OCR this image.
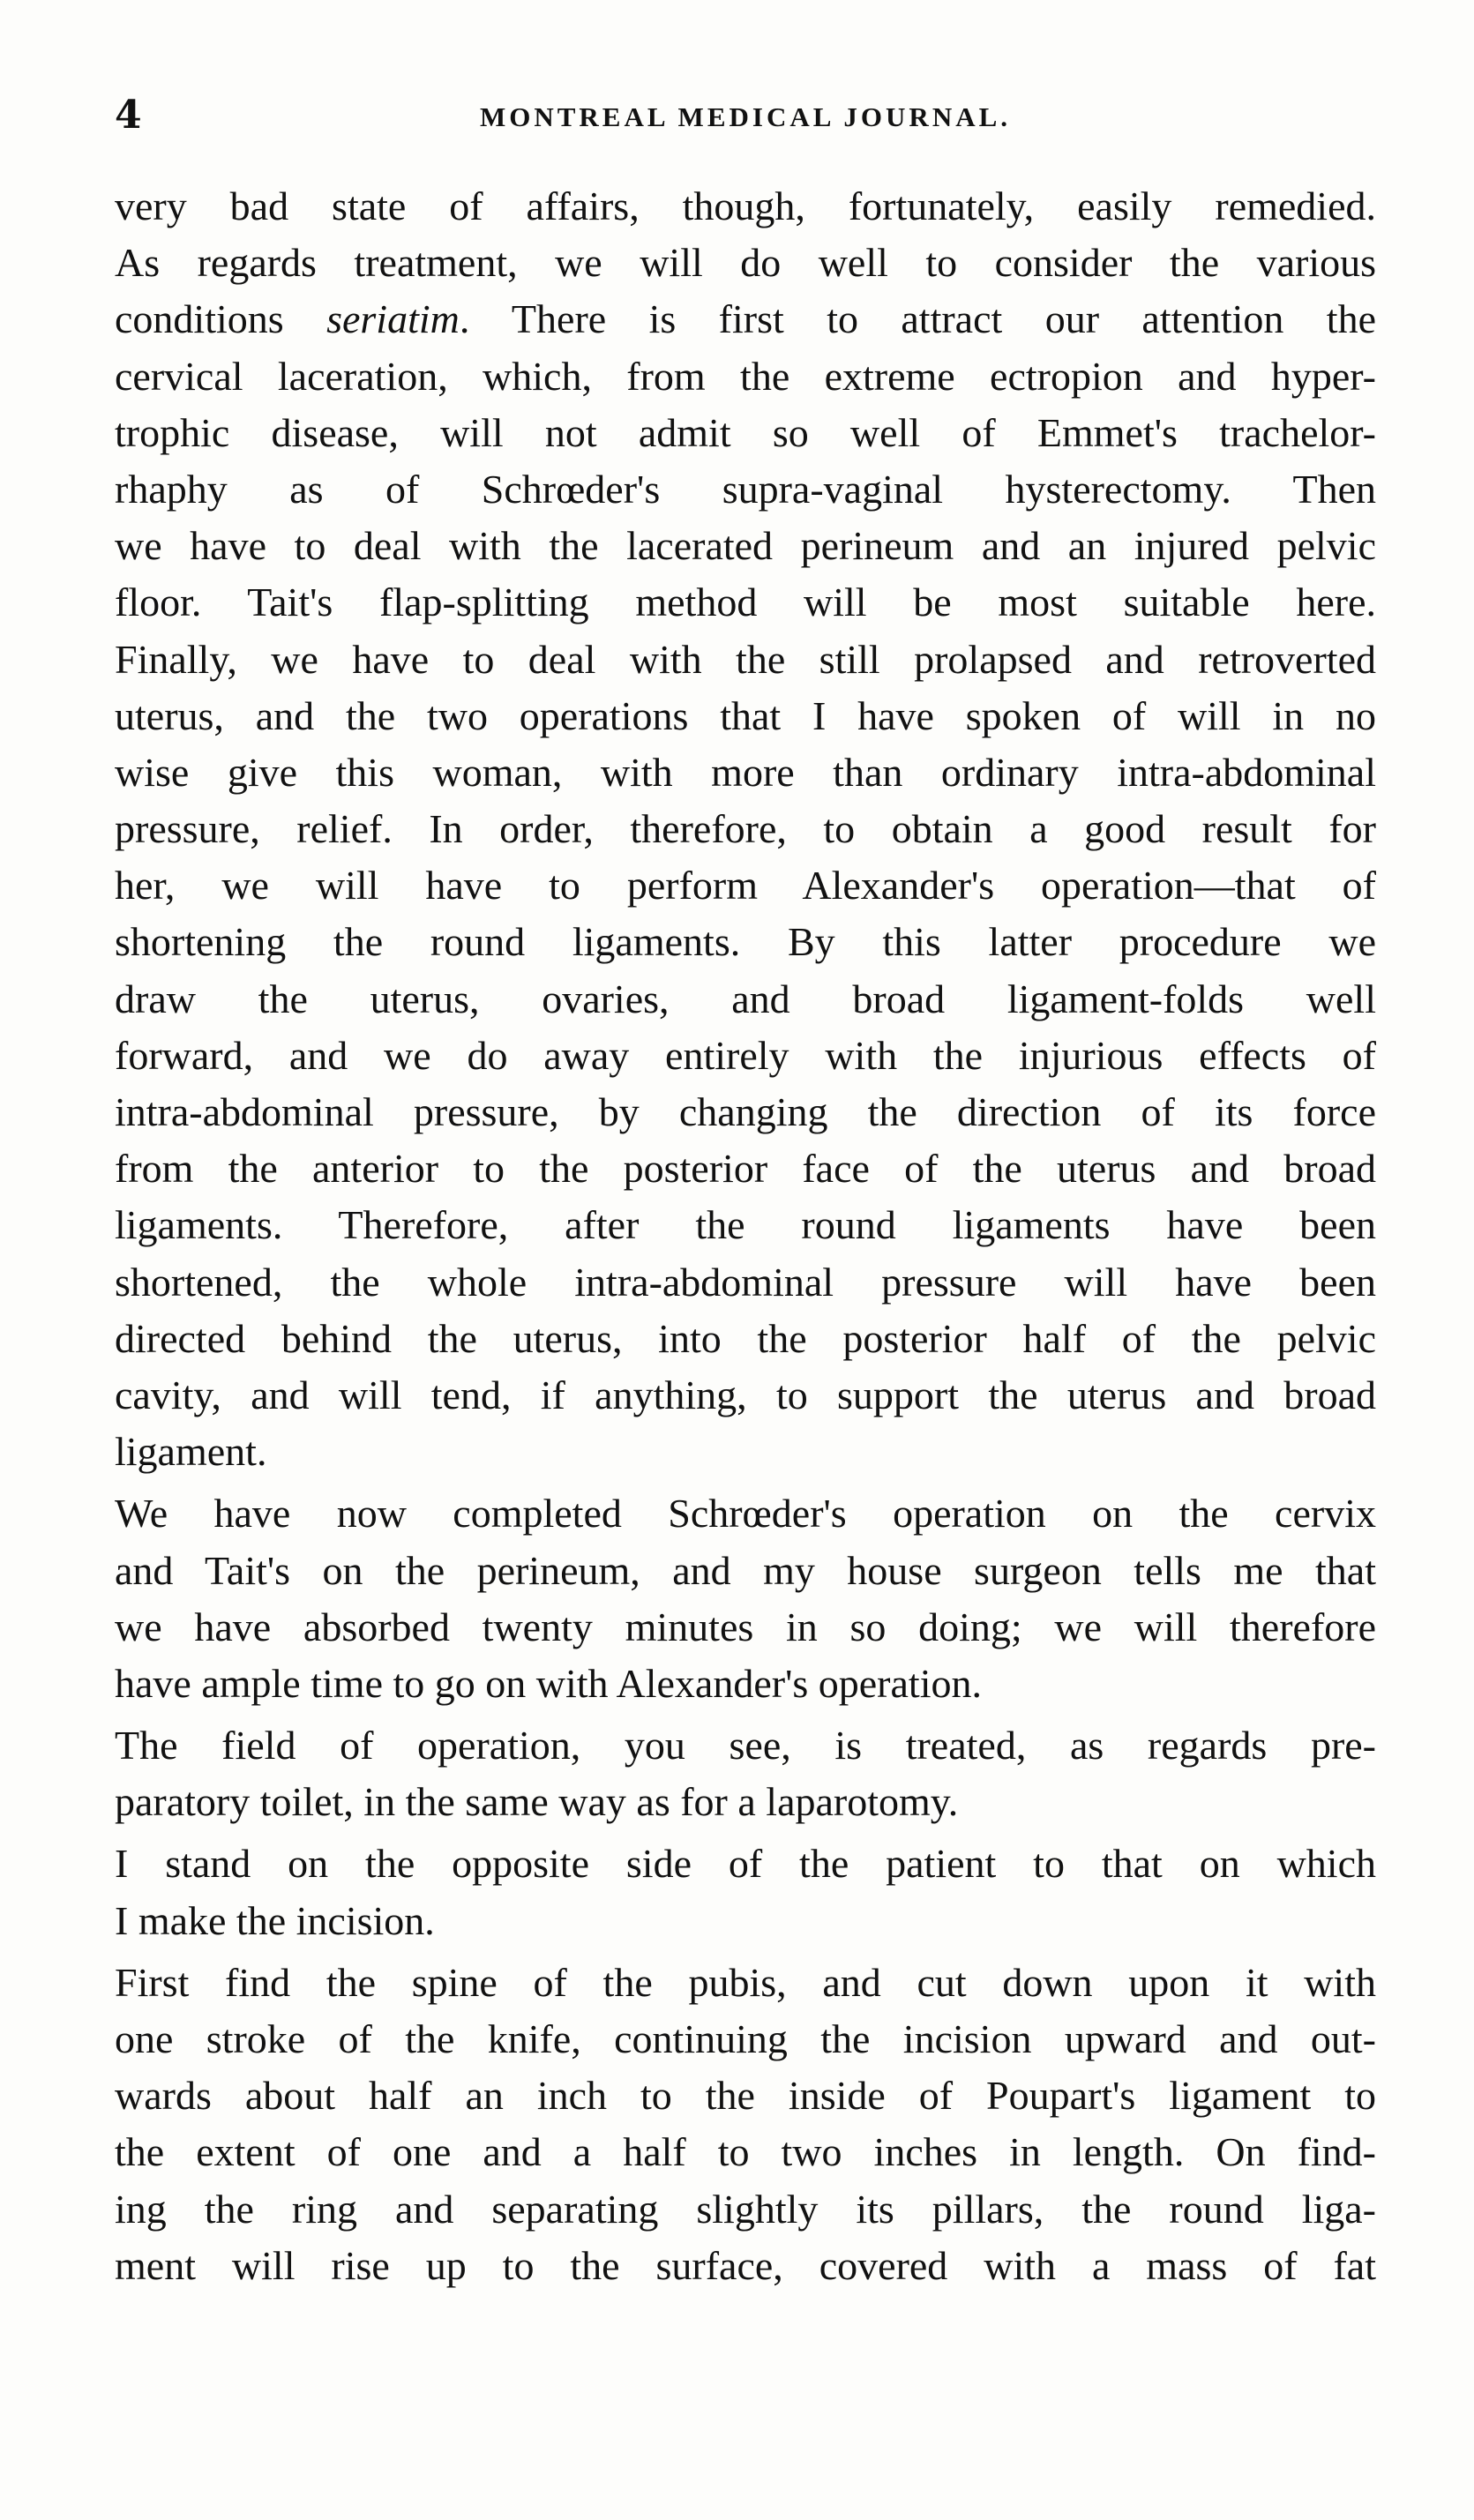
4	MONTREAL MEDICAL JOURNAL.
very bad state of affairs, though, fortunately, easily remedied.
As regards treatment, we will do well to consider the various
conditions seriatim. There is first to attract our attention the
cervical laceration, which, from the extreme ectropion and hyper-
trophic disease, will not admit so well of Emmet's trachelor-
rhaphy as of Schrœder's supra-vaginal hysterectomy. Then
we have to deal with the lacerated perineum and an injured pelvic
floor. Tait's flap-splitting method will be most suitable here.
Finally, we have to deal with the still prolapsed and retroverted
uterus, and the two operations that I have spoken of will in no
wise give this woman, with more than ordinary intra-abdominal
pressure, relief. In order, therefore, to obtain a good result for
her, we will have to perform Alexander's operation—that of
shortening the round ligaments. By this latter procedure we
draw the uterus, ovaries, and broad ligament-folds well
forward, and we do away entirely with the injurious effects of
intra-abdominal pressure, by changing the direction of its force
from the anterior to the posterior face of the uterus and broad
ligaments. Therefore, after the round ligaments have been
shortened, the whole intra-abdominal pressure will have been
directed behind the uterus, into the posterior half of the pelvic
cavity, and will tend, if anything, to support the uterus and broad
ligament.
We have now completed Schrœder's operation on the cervix
and Tait's on the perineum, and my house surgeon tells me that
we have absorbed twenty minutes in so doing; we will therefore
have ample time to go on with Alexander's operation.
The field of operation, you see, is treated, as regards pre-
paratory toilet, in the same way as for a laparotomy.
I stand on the opposite side of the patient to that on which
I make the incision.
First find the spine of the pubis, and cut down upon it with
one stroke of the knife, continuing the incision upward and out-
wards about half an inch to the inside of Poupart's ligament to
the extent of one and a half to two inches in length. On find-
ing the ring and separating slightly its pillars, the round liga-
ment will rise up to the surface, covered with a mass of fat
